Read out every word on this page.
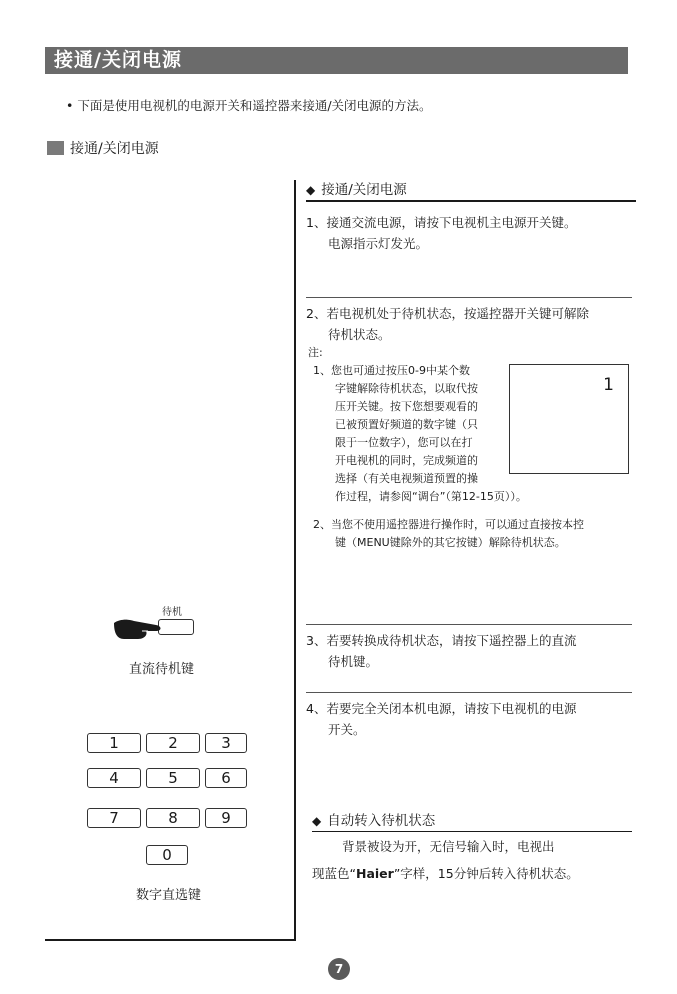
接通/关闭电源
• 下面是使用电视机的电源开关和遥控器来接通/关闭电源的方法。
接通/关闭电源
◆ 接通/关闭电源
1、接通交流电源，请按下电视机主电源开关键。
电源指示灯发光。
2、若电视机处于待机状态，按遥控器开关键可解除
待机状态。
注:
1、您也可通过按压0-9中某个数
字键解除待机状态，以取代按
压开关键。按下您想要观看的
已被预置好频道的数字键（只
限于一位数字），您可以在打
开电视机的同时，完成频道的
选择（有关电视频道预置的操
作过程，请参阅“调台”（第12-15页））。
1
2、当您不使用遥控器进行操作时，可以通过直接按本控
键（MENU键除外的其它按键）解除待机状态。
3、若要转换成待机状态，请按下遥控器上的直流
待机键。
4、若要完全关闭本机电源，请按下电视机的电源
开关。
◆ 自动转入待机状态
背景被设为开，无信号输入时，电视出
现蓝色“Haier”字样，15分钟后转入待机状态。
待机
直流待机键
1	2	3
4	5	6
7	8	9
0
数字直选键
7
